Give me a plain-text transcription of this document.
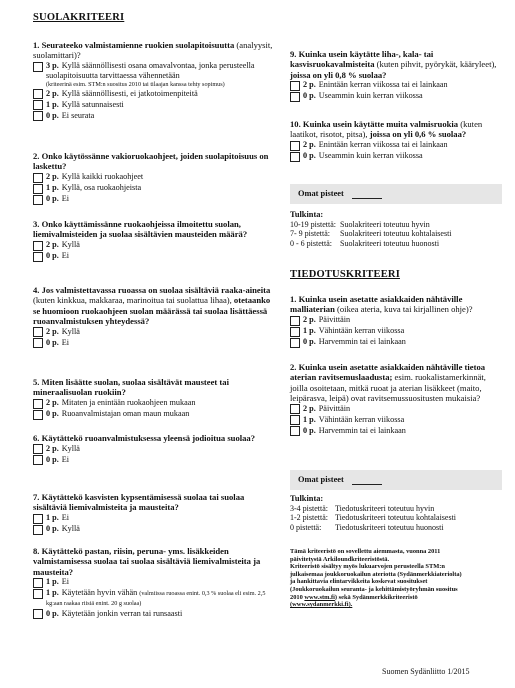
SUOLAKRITEERI
1. Seurateeko valmistamienne ruokien suolapitoisuutta (analyysit, suolamittari)?
3 p. Kyllä säännöllisesti osana omavalvontaa, jonka perusteella suolapitoisuutta tarvittaessa vähennetään
(kriteerinä esim. STM:n suositus 2010 tai tilaajan kanssa tehty sopimus)
2 p. Kyllä säännöllisesti, ei jatkotoimenpiteitä
1 p. Kyllä satunnaisesti
0 p. Ei seurata
2. Onko käytössänne vakioruokaohjeet, joiden suolapitoisuus on laskettu?
2 p. Kyllä kaikki ruokaohjeet
1 p. Kyllä, osa ruokaohjeista
0 p. Ei
3. Onko käyttämissänne ruokaohjeissa ilmoitettu suolan, liemivalmisteiden ja suolaa sisältävien mausteiden määrä?
2 p. Kyllä
0 p. Ei
4. Jos valmistettavassa ruoassa on suolaa sisältäviä raaka-aineita (kuten kinkkua, makkaraa, marinoitua tai suolattua lihaa), otetaanko se huomioon ruokaohjeen suolan määrässä tai suolaa lisättäessä ruoanvalmistuksen yhteydessä?
2 p. Kyllä
0 p. Ei
5. Miten lisäätte suolan, suolaa sisältävät mausteet tai mineraalisuolan ruokiin?
2 p. Mitaten ja enintään ruokaohjeen mukaan
0 p. Ruoanvalmistajan oman maun mukaan
6. Käytättekö ruoanvalmistuksessa yleensä jodioitua suolaa?
2 p. Kyllä
0 p. Ei
7. Käytättekö kasvisten kypsentämisessä suolaa tai suolaa sisältäviä liemivalmisteita ja mausteita?
1 p. Ei
0 p. Kyllä
8. Käytättekö pastan, riisin, peruna- yms. lisäkkeiden valmistamisessa suolaa tai suolaa sisältäviä liemivalmisteita ja mausteita?
1 p. Ei
1 p. Käytetään hyvin vähän (valmiissa ruoassa enint. 0,3 % suolaa eli esim. 2,5 kg:aan raakaa riisiä enint. 20 g suolaa)
0 p. Käytetään jonkin verran tai runsaasti
9. Kuinka usein käytätte liha-, kala- tai kasvisruokavalmisteita (kuten pihvit, pyörykät, kääryleet), joissa on yli 0,8 % suolaa?
2 p. Enintään kerran viikossa tai ei lainkaan
0 p. Useammin kuin kerran viikossa
10. Kuinka usein käytätte muita valmisruokia (kuten laatikot, risotot, pitsa), joissa on yli 0,6 % suolaa?
2 p. Enintään kerran viikossa tai ei lainkaan
0 p. Useammin kuin kerran viikossa
Omat pisteet
Tulkinta:
10-19 pistettä: Suolakriteeri toteutuu hyvin
7- 9 pistettä: Suolakriteeri toteutuu kohtalaisesti
0 - 6 pistettä: Suolakriteeri toteutuu huonosti
TIEDOTUSKRITEERI
1. Kuinka usein asetatte asiakkaiden nähtäville malliaterian (oikea ateria, kuva tai kirjallinen ohje)?
2 p. Päivittäin
1 p. Vähintään kerran viikossa
0 p. Harvemmin tai ei lainkaan
2. Kuinka usein asetatte asiakkaiden nähtäville tietoa aterian ravitsemuslaadusta; esim. ruokalistamerkinnät, joilla osoitetaan, mitkä ruoat ja aterian lisäkkeet (maito, leipärasva, leipä) ovat ravitsemussuositusten mukaisia?
2 p. Päivittäin
1 p. Vähintään kerran viikossa
0 p. Harvemmin tai ei lainkaan
Omat pisteet
Tulkinta:
3-4 pistettä: Tiedotuskriteeri toteutuu hyvin
1-2 pistettä: Tiedotuskriteeri toteutuu kohtalaisesti
0 pistettä: Tiedotuskriteeri toteutuu huonosti
Tämä kriteeristö on sovellettu aiemmasta, vuonna 2011
päivitetystä Arkiloundkriteeristöstä.
Kriteeristö sisältyy myös lukuarvojen perusteella STM:n
julkaisemaa joukkoruokailun ateriotta (Sydänmerkkiateriolta)
ja hankittavia elintarvikkeita koskevat suositukset
(Joukkoruokailun seuranta- ja kehittämistyöryhmän suositus
2010 www.stm.fi) sekä Sydänmerkkikriteeristö
(www.sydanmerkki.fi).
Suomen Sydänliitto 1/2015
